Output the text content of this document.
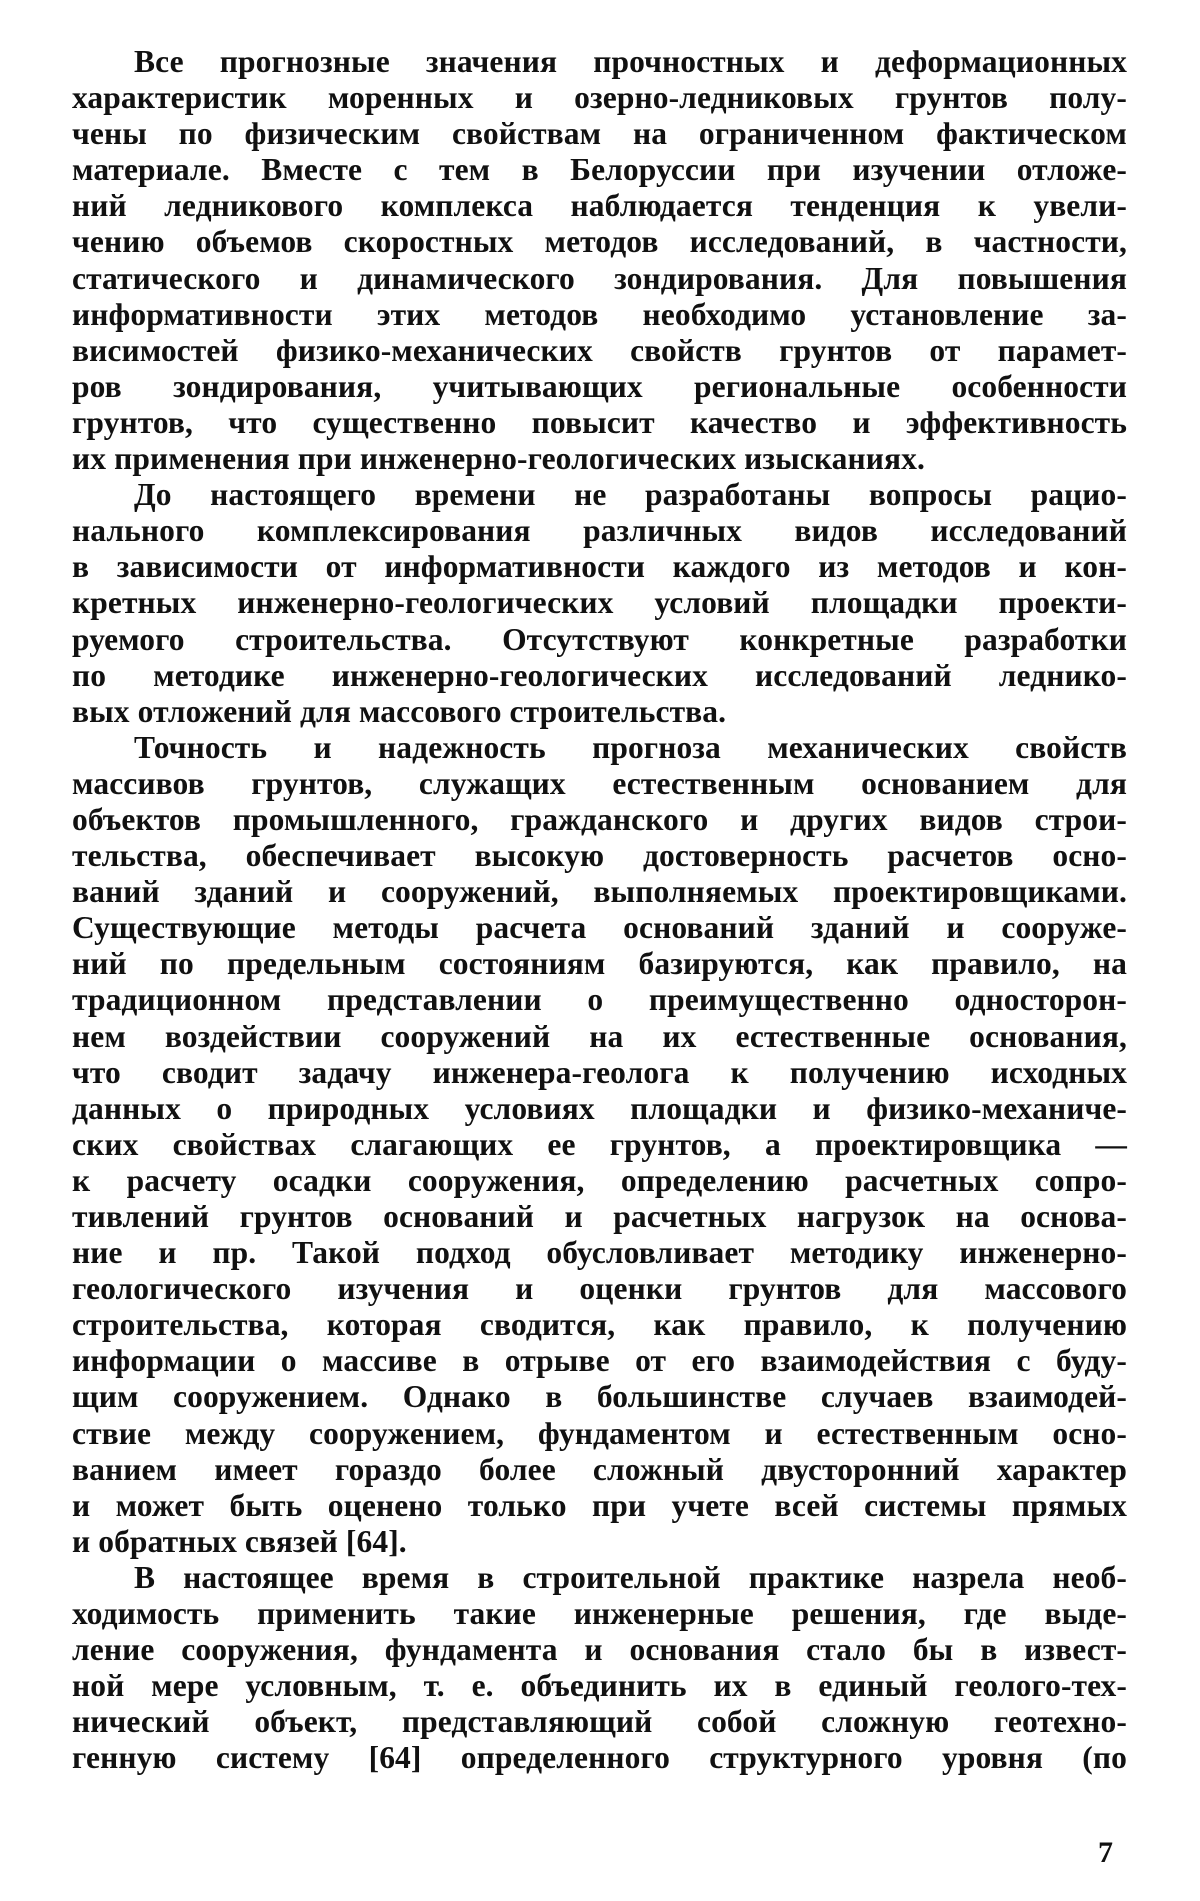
Все прогнозные значения прочностных и деформационных
характеристик моренных и озерно-ледниковых грунтов полу-
чены по физическим свойствам на ограниченном фактическом
материале. Вместе с тем в Белоруссии при изучении отложе-
ний ледникового комплекса наблюдается тенденция к увели-
чению объемов скоростных методов исследований, в частности,
статического и динамического зондирования. Для повышения
информативности этих методов необходимо установление за-
висимостей физико-механических свойств грунтов от парамет-
ров зондирования, учитывающих региональные особенности
грунтов, что существенно повысит качество и эффективность
их применения при инженерно-геологических изысканиях.
До настоящего времени не разработаны вопросы рацио-
нального комплексирования различных видов исследований
в зависимости от информативности каждого из методов и кон-
кретных инженерно-геологических условий площадки проекти-
руемого строительства. Отсутствуют конкретные разработки
по методике инженерно-геологических исследований леднико-
вых отложений для массового строительства.
Точность и надежность прогноза механических свойств
массивов грунтов, служащих естественным основанием для
объектов промышленного, гражданского и других видов строи-
тельства, обеспечивает высокую достоверность расчетов осно-
ваний зданий и сооружений, выполняемых проектировщиками.
Существующие методы расчета оснований зданий и сооруже-
ний по предельным состояниям базируются, как правило, на
традиционном представлении о преимущественно односторон-
нем воздействии сооружений на их естественные основания,
что сводит задачу инженера-геолога к получению исходных
данных о природных условиях площадки и физико-механиче-
ских свойствах слагающих ее грунтов, а проектировщика —
к расчету осадки сооружения, определению расчетных сопро-
тивлений грунтов оснований и расчетных нагрузок на основа-
ние и пр. Такой подход обусловливает методику инженерно-
геологического изучения и оценки грунтов для массового
строительства, которая сводится, как правило, к получению
информации о массиве в отрыве от его взаимодействия с буду-
щим сооружением. Однако в большинстве случаев взаимодей-
ствие между сооружением, фундаментом и естественным осно-
ванием имеет гораздо более сложный двусторонний характер
и может быть оценено только при учете всей системы прямых
и обратных связей [64].
В настоящее время в строительной практике назрела необ-
ходимость применить такие инженерные решения, где выде-
ление сооружения, фундамента и основания стало бы в извест-
ной мере условным, т. е. объединить их в единый геолого-тех-
нический объект, представляющий собой сложную геотехно-
генную систему [64] определенного структурного уровня (по
7
